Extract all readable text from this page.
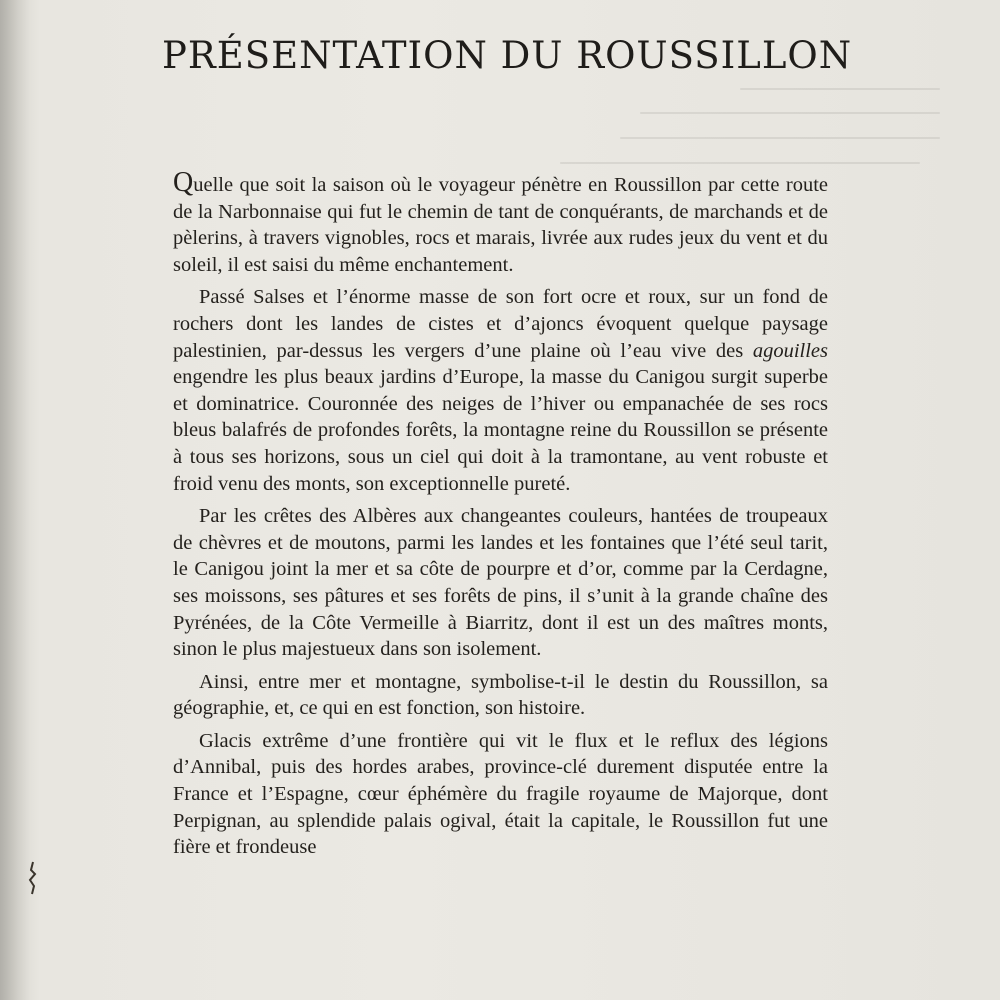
PRÉSENTATION DU ROUSSILLON

Quelle que soit la saison où le voyageur pénètre en Roussillon par cette route de la Narbonnaise qui fut le chemin de tant de conquérants, de marchands et de pèlerins, à travers vignobles, rocs et marais, livrée aux rudes jeux du vent et du soleil, il est saisi du même enchantement.

Passé Salses et l’énorme masse de son fort ocre et roux, sur un fond de rochers dont les landes de cistes et d’ajoncs évoquent quelque paysage palestinien, par-dessus les vergers d’une plaine où l’eau vive des agouilles engendre les plus beaux jardins d’Europe, la masse du Canigou surgit superbe et dominatrice. Couronnée des neiges de l’hiver ou empanachée de ses rocs bleus balafrés de profondes forêts, la montagne reine du Roussillon se présente à tous ses horizons, sous un ciel qui doit à la tramontane, au vent robuste et froid venu des monts, son exceptionnelle pureté.

Par les crêtes des Albères aux changeantes couleurs, hantées de troupeaux de chèvres et de moutons, parmi les landes et les fontaines que l’été seul tarit, le Canigou joint la mer et sa côte de pourpre et d’or, comme par la Cerdagne, ses moissons, ses pâtures et ses forêts de pins, il s’unit à la grande chaîne des Pyrénées, de la Côte Vermeille à Biarritz, dont il est un des maîtres monts, sinon le plus majestueux dans son isolement.

Ainsi, entre mer et montagne, symbolise-t-il le destin du Roussillon, sa géographie, et, ce qui en est fonction, son histoire.

Glacis extrême d’une frontière qui vit le flux et le reflux des légions d’Annibal, puis des hordes arabes, province-clé durement disputée entre la France et l’Espagne, cœur éphémère du fragile royaume de Majorque, dont Perpignan, au splendide palais ogival, était la capitale, le Roussillon fut une fière et frondeuse
